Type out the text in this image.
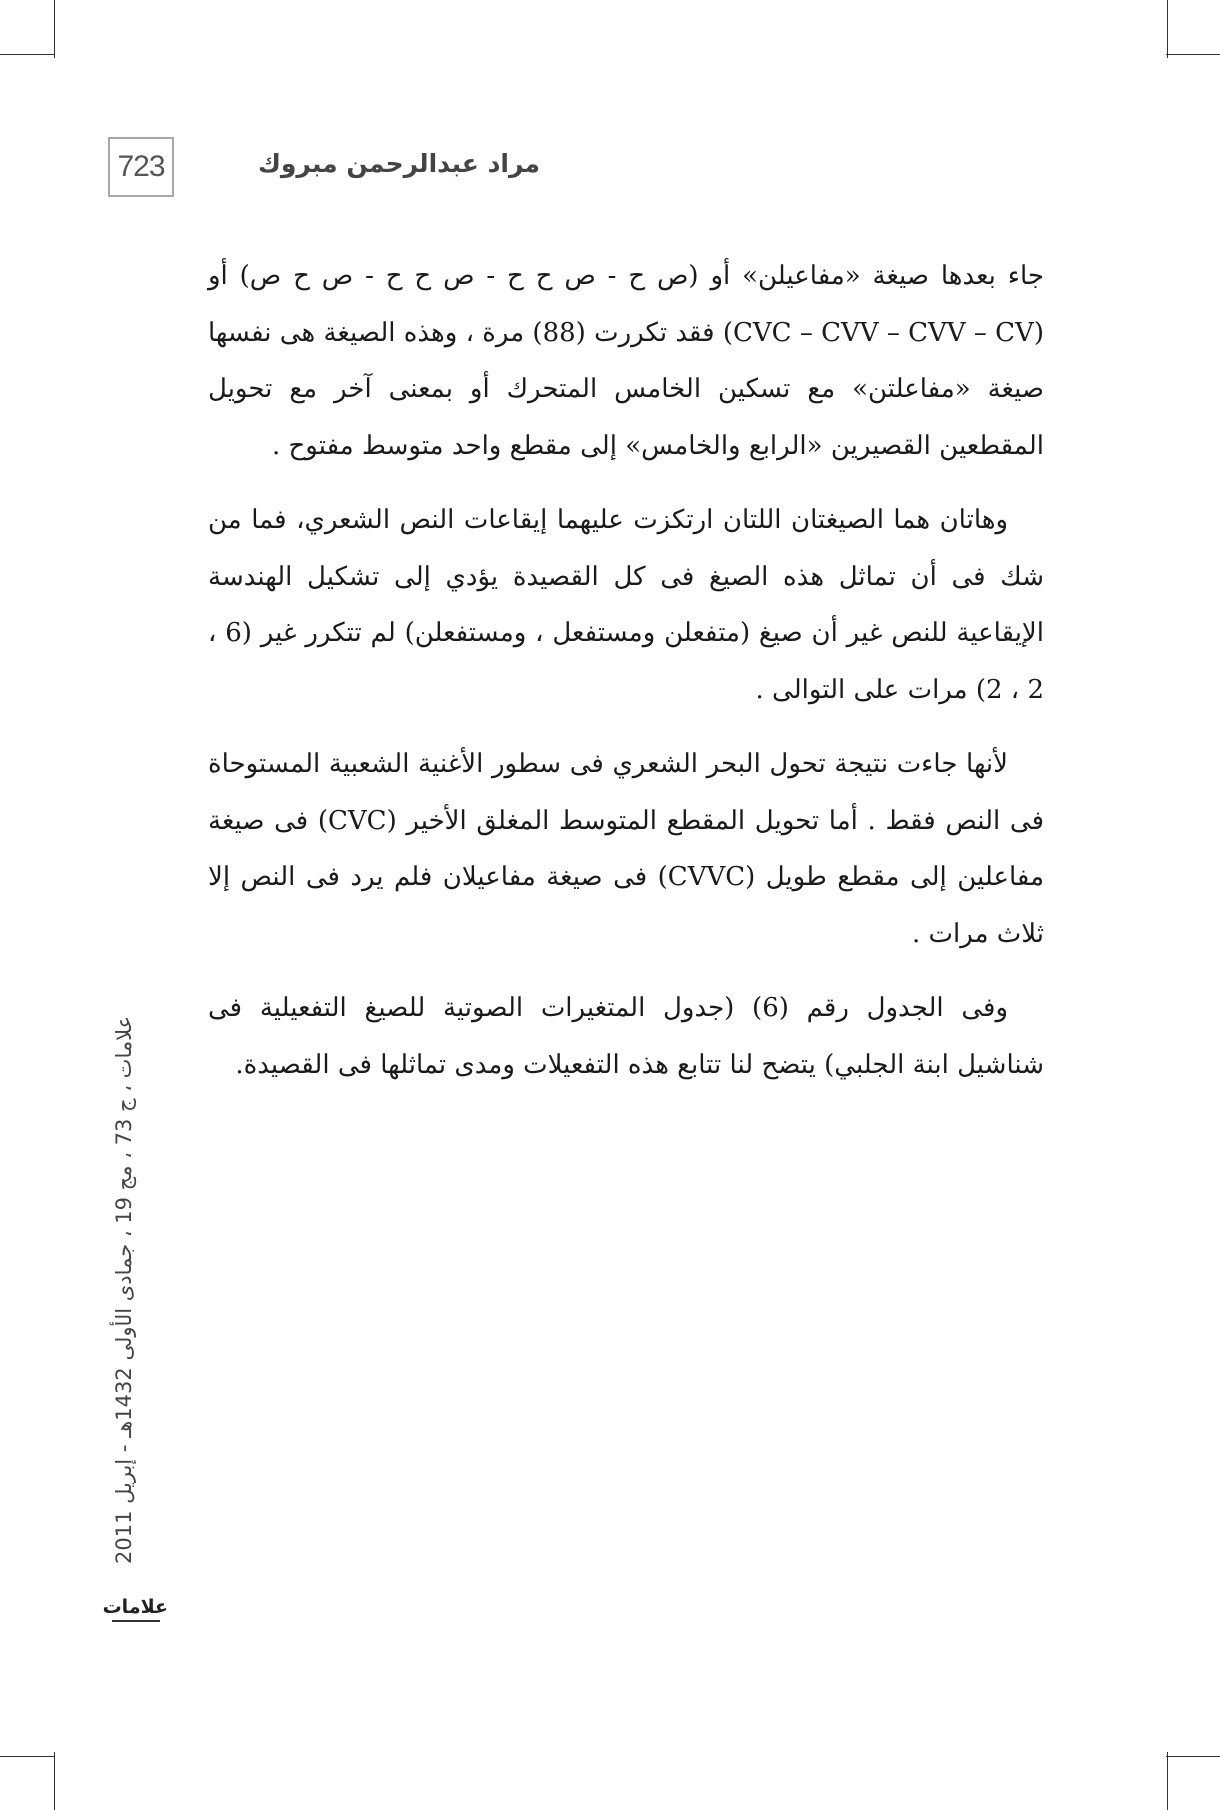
723	مراد عبدالرحمن مبروك

جاء بعدها صيغة «مفاعيلن» أو (ص ح - ص ح ح - ص ح ح - ص ح ص) أو (CVC – CVV – CVV – CV) فقد تكررت (88) مرة ، وهذه الصيغة هى نفسها صيغة «مفاعلتن» مع تسكين الخامس المتحرك أو بمعنى آخر مع تحويل المقطعين القصيرين «الرابع والخامس» إلى مقطع واحد متوسط مفتوح .

وهاتان هما الصيغتان اللتان ارتكزت عليهما إيقاعات النص الشعري، فما من شك فى أن تماثل هذه الصيغ فى كل القصيدة يؤدي إلى تشكيل الهندسة الإيقاعية للنص غير أن صيغ (متفعلن ومستفعل ، ومستفعلن) لم تتكرر غير (6 ، 2 ، 2) مرات على التوالى .

لأنها جاءت نتيجة تحول البحر الشعري فى سطور الأغنية الشعبية المستوحاة فى النص فقط . أما تحويل المقطع المتوسط المغلق الأخير (CVC) فى صيغة مفاعلين إلى مقطع طويل (CVVC) فى صيغة مفاعيلان فلم يرد فى النص إلا ثلاث مرات .

وفى الجدول رقم (6) (جدول المتغيرات الصوتية للصيغ التفعيلية فى شناشيل ابنة الجلبي) يتضح لنا تتابع هذه التفعيلات ومدى تماثلها فى القصيدة.

علامات ، ج 73 ، مج 19 ، جمادى الأولى 1432هـ - إبريل 2011
علامات
